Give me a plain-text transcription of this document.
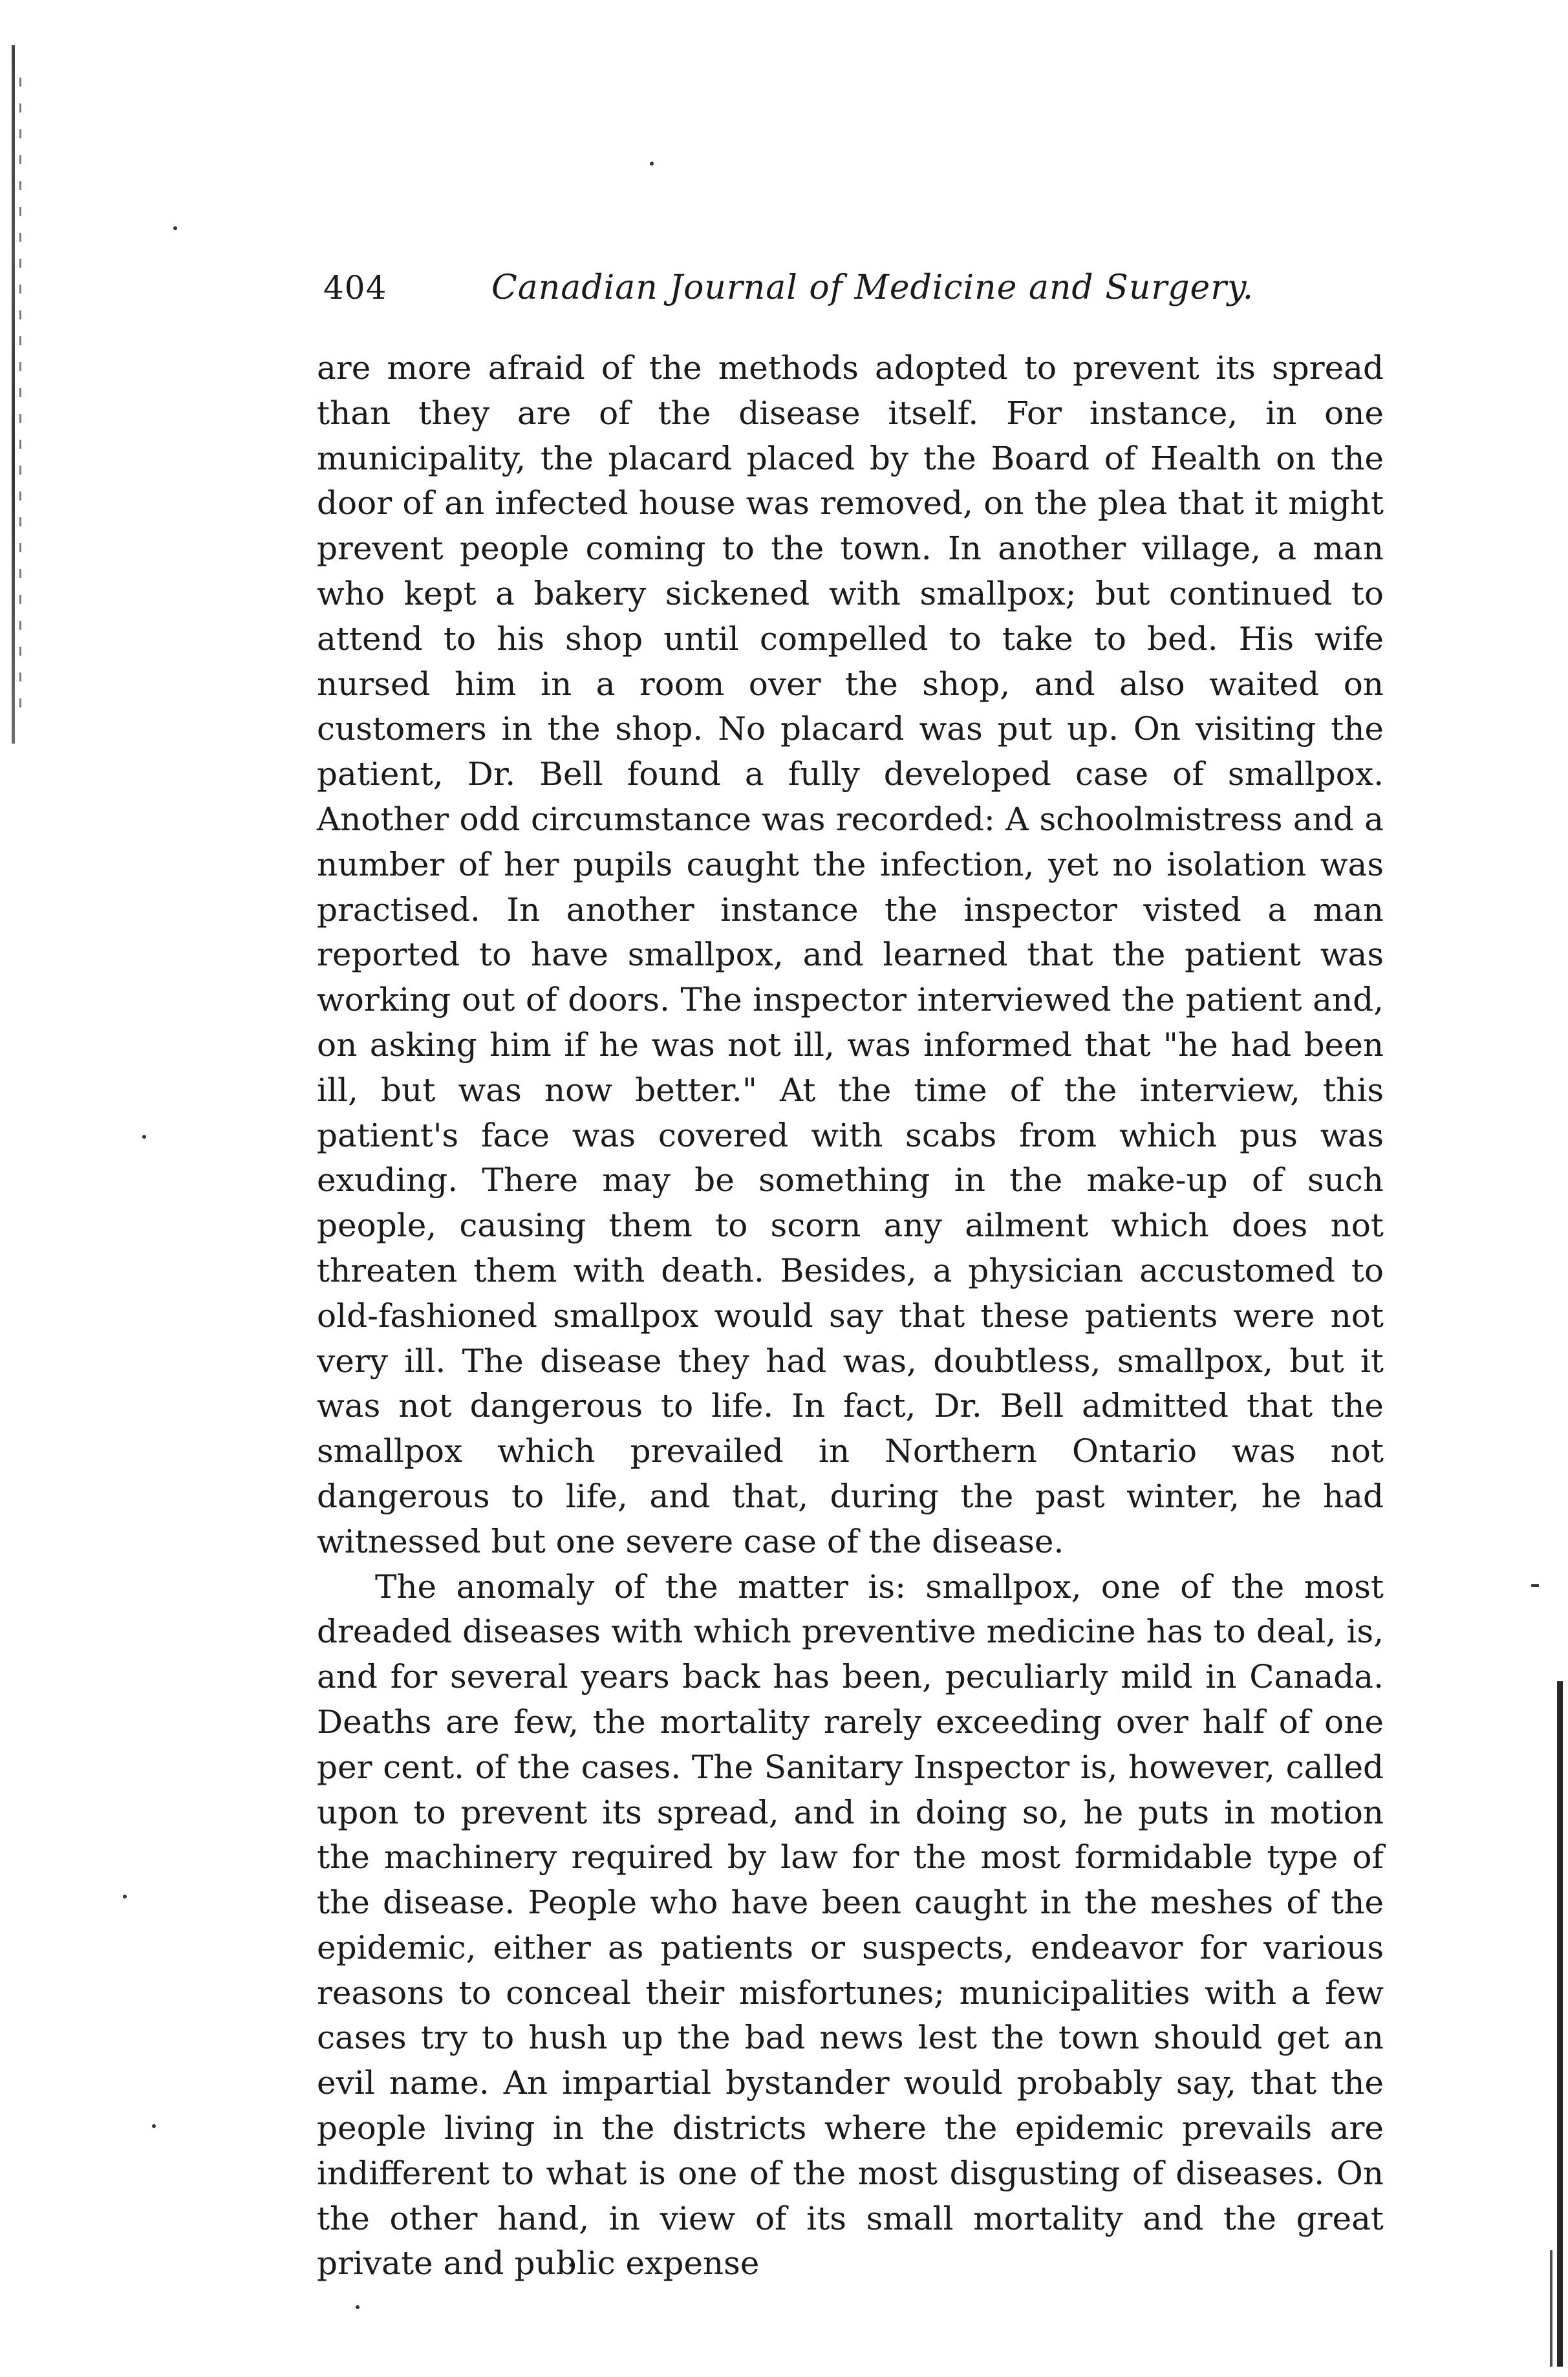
404	Canadian Journal of Medicine and Surgery.

are more afraid of the methods adopted to prevent its spread than they are of the disease itself. For instance, in one municipality, the placard placed by the Board of Health on the door of an infected house was removed, on the plea that it might prevent people coming to the town. In another village, a man who kept a bakery sickened with smallpox; but continued to attend to his shop until compelled to take to bed. His wife nursed him in a room over the shop, and also waited on customers in the shop. No placard was put up. On visiting the patient, Dr. Bell found a fully developed case of smallpox. Another odd circumstance was recorded: A schoolmistress and a number of her pupils caught the infection, yet no isolation was practised. In another instance the inspector visted a man reported to have smallpox, and learned that the patient was working out of doors. The inspector interviewed the patient and, on asking him if he was not ill, was informed that "he had been ill, but was now better." At the time of the interview, this patient's face was covered with scabs from which pus was exuding. There may be something in the make-up of such people, causing them to scorn any ailment which does not threaten them with death. Besides, a physician accustomed to old-fashioned smallpox would say that these patients were not very ill. The disease they had was, doubtless, smallpox, but it was not dangerous to life. In fact, Dr. Bell admitted that the smallpox which prevailed in Northern Ontario was not dangerous to life, and that, during the past winter, he had witnessed but one severe case of the disease.

The anomaly of the matter is: smallpox, one of the most dreaded diseases with which preventive medicine has to deal, is, and for several years back has been, peculiarly mild in Canada. Deaths are few, the mortality rarely exceeding over half of one per cent. of the cases. The Sanitary Inspector is, however, called upon to prevent its spread, and in doing so, he puts in motion the machinery required by law for the most formidable type of the disease. People who have been caught in the meshes of the epidemic, either as patients or suspects, endeavor for various reasons to conceal their misfortunes; municipalities with a few cases try to hush up the bad news lest the town should get an evil name. An impartial bystander would probably say, that the people living in the districts where the epidemic prevails are indifferent to what is one of the most disgusting of diseases. On the other hand, in view of its small mortality and the great private and public expense
